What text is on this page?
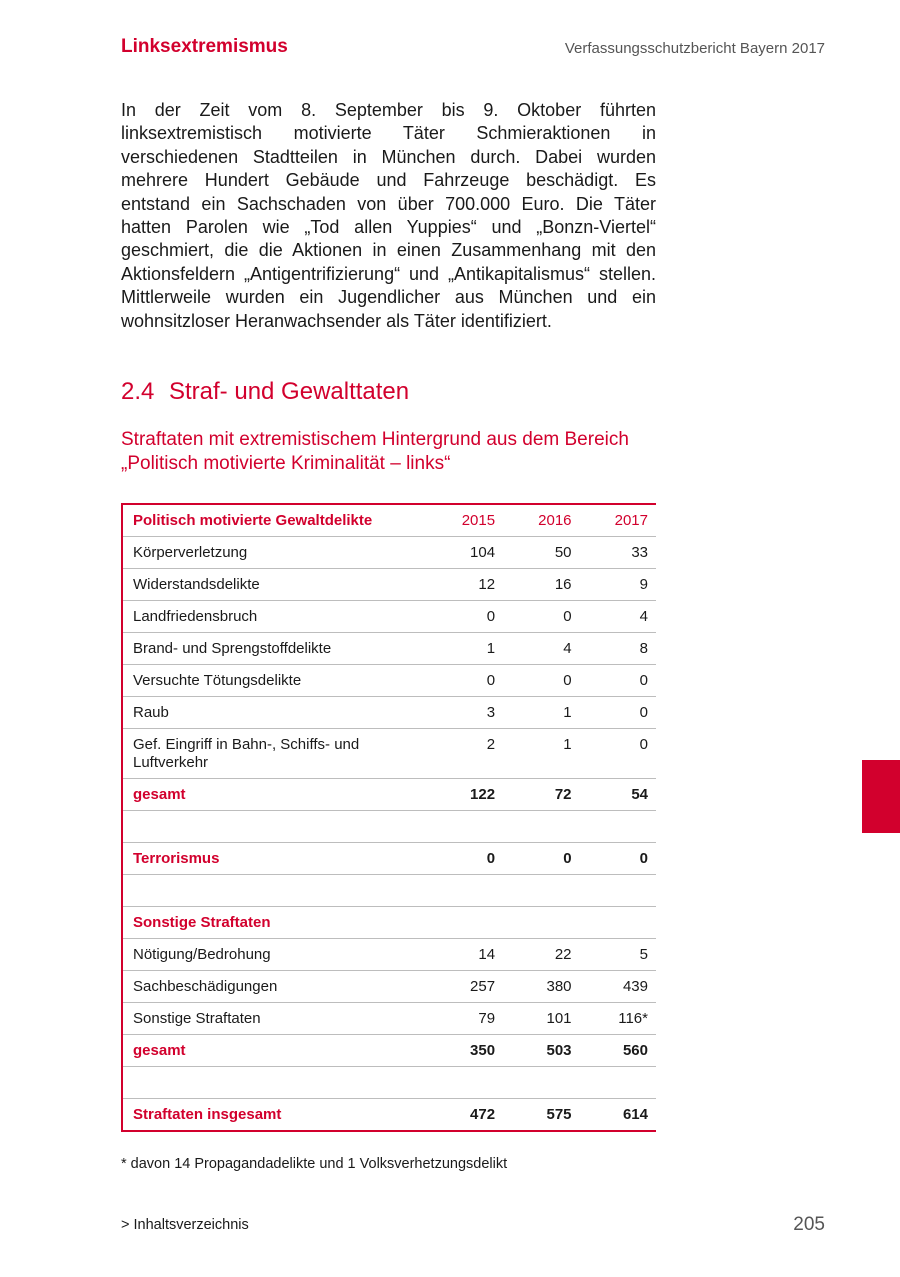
Linksextremismus	Verfassungsschutzbericht Bayern 2017

In der Zeit vom 8. September bis 9. Oktober führten linksextremistisch motivierte Täter Schmieraktionen in verschiedenen Stadtteilen in München durch. Dabei wurden mehrere Hundert Gebäude und Fahrzeuge beschädigt. Es entstand ein Sachschaden von über 700.000 Euro. Die Täter hatten Parolen wie „Tod allen Yuppies“ und „Bonzn-Viertel“ geschmiert, die die Aktionen in einen Zusammenhang mit den Aktionsfeldern „Antigentrifizierung“ und „Antikapitalismus“ stellen. Mittlerweile wurden ein Jugendlicher aus München und ein wohnsitzloser Heranwachsender als Täter identifiziert.

2.4 Straf- und Gewalttaten
Straftaten mit extremistischem Hintergrund aus dem Bereich „Politisch motivierte Kriminalität – links“
Politisch motivierte Gewaltdelikte	2015	2016	2017
Körperverletzung	104	50	33
Widerstandsdelikte	12	16	9
Landfriedensbruch	0	0	4
Brand- und Sprengstoffdelikte	1	4	8
Versuchte Tötungsdelikte	0	0	0
Raub	3	1	0
Gef. Eingriff in Bahn-, Schiffs- und Luftverkehr	2	1	0
gesamt	122	72	54

Terrorismus	0	0	0

Sonstige Straftaten			
Nötigung/Bedrohung	14	22	5
Sachbeschädigungen	257	380	439
Sonstige Straftaten	79	101	116*
gesamt	350	503	560

Straftaten insgesamt	472	575	614

* davon 14 Propagandadelikte und 1 Volksverhetzungsdelikt

> Inhaltsverzeichnis	205
